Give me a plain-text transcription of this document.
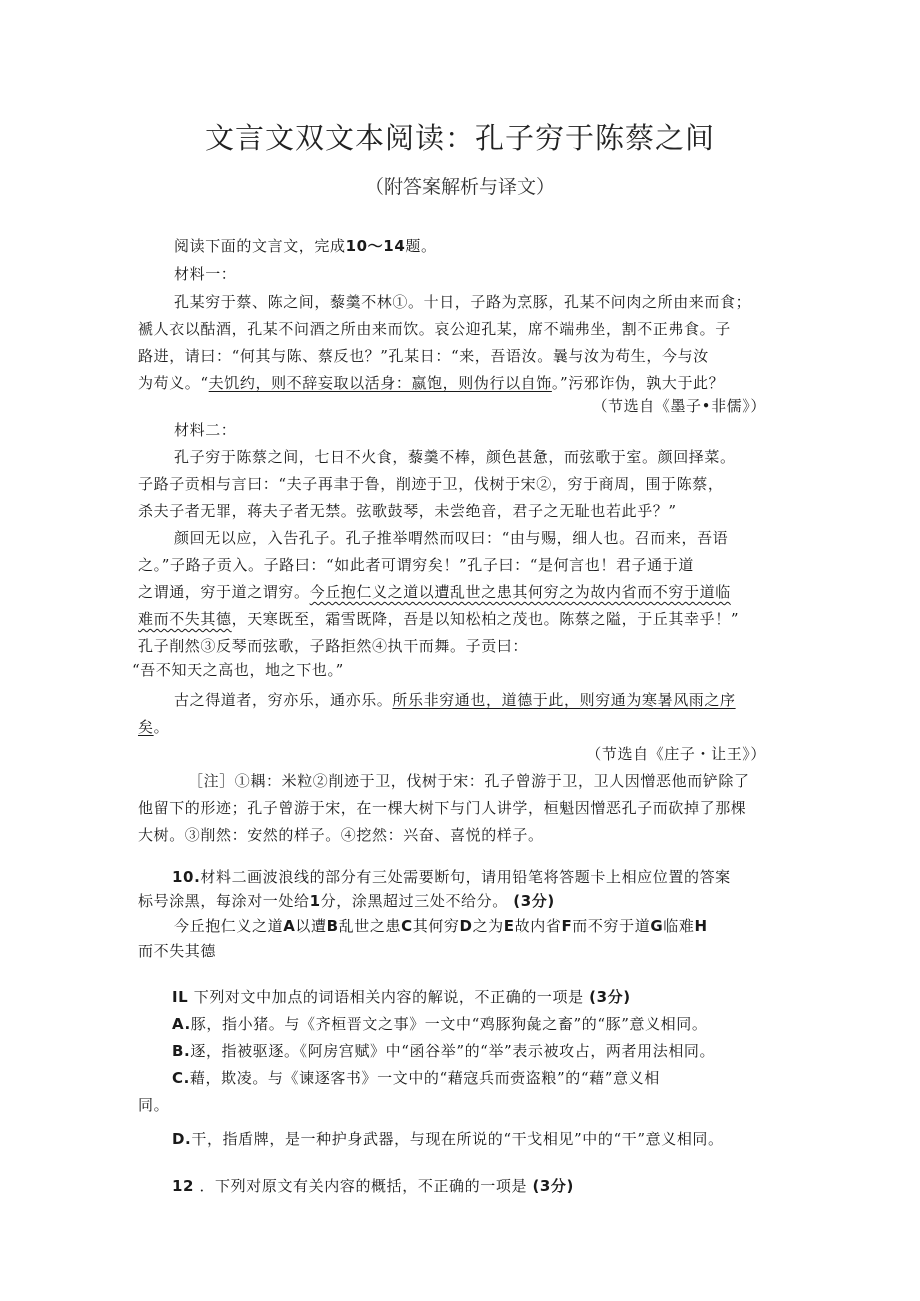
文言文双文本阅读：孔子穷于陈蔡之间
（附答案解析与译文）
阅读下面的文言文，完成10〜14题。
材料一：
孔某穷于蔡、陈之间，藜羹不林①。十日，子路为烹豚，孔某不问肉之所由来而食；
褫人衣以酤酒，孔某不问酒之所由来而饮。哀公迎孔某，席不端弗坐，割不正弗食。子
路进，请曰：“何其与陈、蔡反也？”孔某日：“来，吾语汝。曩与汝为苟生，今与汝
为苟义。“夫饥约，则不辞妄取以活身：嬴饱，则伪行以自饰。”污邪诈伪，孰大于此？
（节选自《墨子•非儒》）
材料二：
孔子穷于陈蔡之间，七日不火食，藜羹不棒，颜色甚惫，而弦歌于室。颜回择菜。
子路子贡相与言曰：“夫子再聿于鲁，削迹于卫，伐树于宋②，穷于商周，围于陈蔡，
杀夫子者无罪，蒋夫子者无禁。弦歌鼓琴，未尝绝音，君子之无耻也若此乎？”
颜回无以应，入告孔子。孔子推举喟然而叹曰：“由与赐，细人也。召而来，吾语
之。”子路子贡入。子路曰：“如此者可谓穷矣！”孔子曰：“是何言也！君子通于道
之谓通，穷于道之谓穷。今丘抱仁义之道以遭乱世之患其何穷之为故内省而不穷于道临
难而不失其德，天寒既至，霜雪既降，吾是以知松柏之茂也。陈蔡之隘，于丘其幸乎！”
孔子削然③反琴而弦歌，子路拒然④执干而舞。子贡曰：
“吾不知天之高也，地之下也。”
古之得道者，穷亦乐，通亦乐。所乐非穷通也，道德于此，则穷通为寒暑风雨之序
矣。
（节选自《庄子・让王》）
［注］①耦：米粒②削迹于卫，伐树于宋：孔子曾游于卫，卫人因憎恶他而铲除了
他留下的形迹；孔子曾游于宋，在一棵大树下与门人讲学，桓魁因憎恶孔子而砍掉了那棵
大树。③削然：安然的样子。④挖然：兴奋、喜悦的样子。
10.材料二画波浪线的部分有三处需要断句，请用铅笔将答题卡上相应位置的答案
标号涂黑，每涂对一处给1分，涂黑超过三处不给分。 (3分)
今丘抱仁义之道A以遭B乱世之患C其何穷D之为E故内省F而不穷于道G临难H
而不失其德
IL 下列对文中加点的词语相关内容的解说，不正确的一项是 (3分)
A.豚，指小猪。与《齐桓晋文之事》一文中“鸡豚狗彘之畜”的“豚”意义相同。
B.逐，指被驱逐。《阿房宫赋》中“函谷举”的“举”表示被攻占，两者用法相同。
C.藉，欺凌。与《谏逐客书》一文中的“藉寇兵而赍盗粮”的“藉”意义相
同。
D.干，指盾牌，是一种护身武器，与现在所说的“干戈相见”中的“干”意义相同。
12 ．下列对原文有关内容的概括，不正确的一项是 (3分)
